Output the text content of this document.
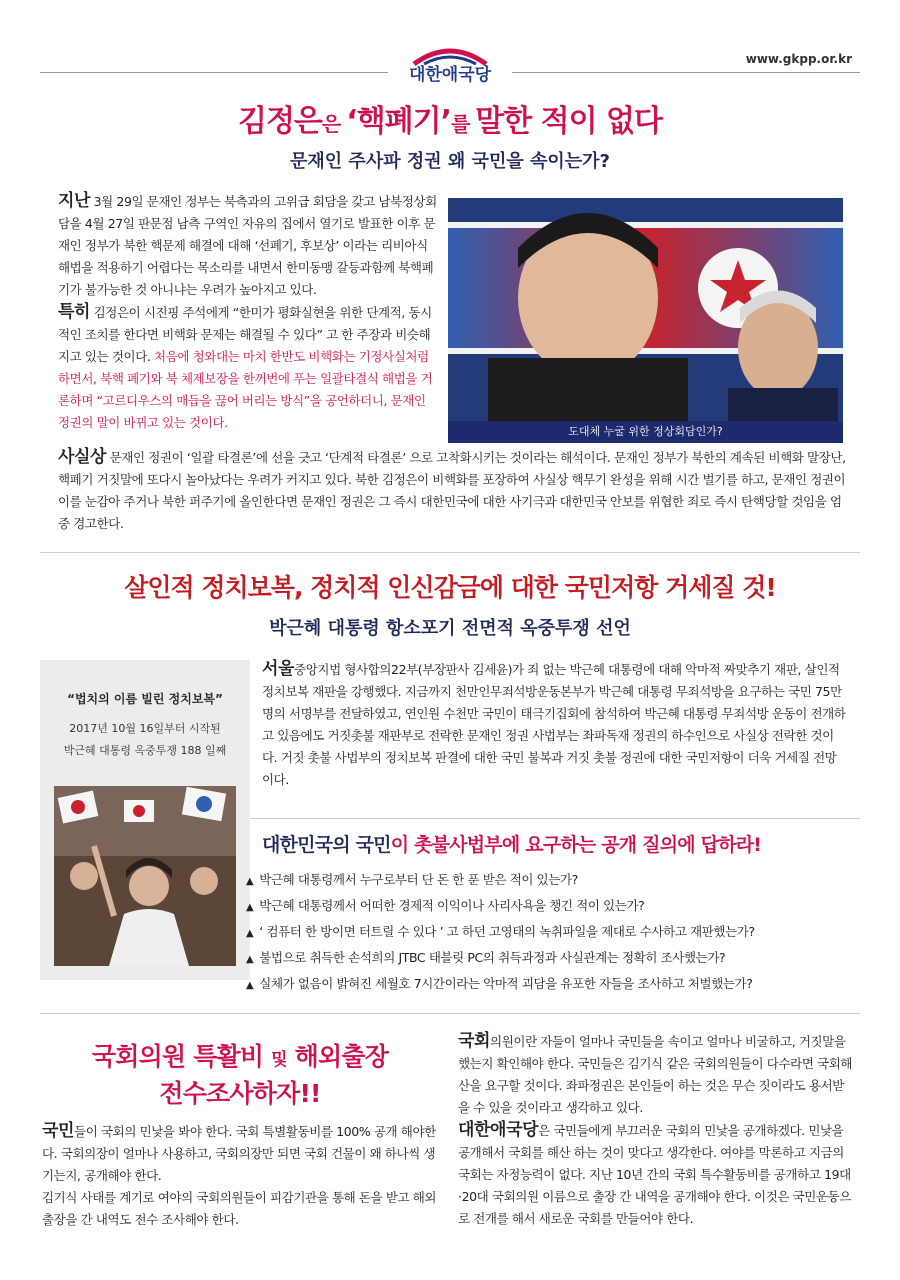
대한애국당
www.gkpp.or.kr
김정은은 ‘핵폐기’를 말한 적이 없다
문재인 주사파 정권 왜 국민을 속이는가?

지난 3월 29일 문재인 정부는 북측과의 고위급 회담을 갖고 남북정상회담을 4월 27일 판문점 남측 구역인 자유의 집에서 열기로 발표한 이후 문재인 정부가 북한 핵문제 해결에 대해 ‘선폐기, 후보상’ 이라는 리비아식 해법을 적용하기 어렵다는 목소리를 내면서 한미동맹 갈등과함께 북핵폐기가 불가능한 것 아니냐는 우려가 높아지고 있다.

특히 김정은이 시진핑 주석에게 “한미가 평화실현을 위한 단계적, 동시적인 조치를 한다면 비핵화 문제는 해결될 수 있다” 고 한 주장과 비슷해지고 있는 것이다. 처음에 청와대는 마치 한반도 비핵화는 기정사실처럼 하면서, 북핵 폐기와 북 체제보장을 한꺼번에 푸는 일괄타결식 해법을 거론하며 “고르디우스의 매듭을 끊어 버리는 방식”을 공언하더니, 문재인 정권의 말이 바뀌고 있는 것이다.

도대체 누굴 위한 정상회담인가?

사실상 문재인 정권이 ‘일괄 타결론’에 선을 긋고 ‘단계적 타결론’ 으로 고착화시키는 것이라는 해석이다. 문재인 정부가 북한의 계속된 비핵화 말장난, 핵폐기 거짓말에 또다시 놀아났다는 우려가 커지고 있다. 북한 김정은이 비핵화를 포장하여 사실상 핵무기 완성을 위해 시간 벌기를 하고, 문재인 정권이 이를 눈감아 주거나 북한 퍼주기에 올인한다면 문재인 정권은 그 즉시 대한민국에 대한 사기극과 대한민국 안보를 위협한 죄로 즉시 탄핵당할 것임을 엄중 경고한다.

살인적 정치보복, 정치적 인신감금에 대한 국민저항 거세질 것!
박근혜 대통령 항소포기 전면적 옥중투쟁 선언
“법치의 이름 빌린 정치보복”
2017년 10월 16일부터 시작된
박근혜 대통령 옥중투쟁 188 일째

서울중앙지법 형사합의22부(부장판사 김세윤)가 죄 없는 박근혜 대통령에 대해 악마적 짜맞추기 재판, 살인적 정치보복 재판을 강행했다. 지금까지 천만인무죄석방운동본부가 박근혜 대통령 무죄석방을 요구하는 국민 75만명의 서명부를 전달하였고, 연인원 수천만 국민이 태극기집회에 참석하여 박근혜 대통령 무죄석방 운동이 전개하고 있음에도 거짓촛불 재판부로 전락한 문재인 정권 사법부는 좌파독재 정권의 하수인으로 사실상 전락한 것이다. 거짓 촛불 사법부의 정치보복 판결에 대한 국민 불복과 거짓 촛불 정권에 대한 국민저항이 더욱 거세질 전망이다.

대한민국의 국민이 촛불사법부에 요구하는 공개 질의에 답하라!
▲ 박근혜 대통령께서 누구로부터 단 돈 한 푼 받은 적이 있는가?
▲ 박근혜 대통령께서 어떠한 경제적 이익이나 사리사욕을 챙긴 적이 있는가?
▲ ‘ 컴퓨터 한 방이면 터트릴 수 있다 ’ 고 하던 고영태의 녹취파일을 제대로 수사하고 재판했는가?
▲ 불법으로 취득한 손석희의 JTBC 태블릿 PC의 취득과정과 사실관계는 정확히 조사했는가?
▲ 실체가 없음이 밝혀진 세월호 7시간이라는 악마적 괴담을 유포한 자들을 조사하고 처벌했는가?
국회의원 특활비 및 해외출장
전수조사하자!!

국민들이 국회의 민낯을 봐야 한다. 국회 특별활동비를 100% 공개 해야한다. 국회의장이 얼마나 사용하고, 국회의장만 되면 국회 건물이 왜 하나씩 생기는지, 공개해야 한다.

김기식 사태를 계기로 여야의 국회의원들이 피감기관을 통해 돈을 받고 해외출장을 간 내역도 전수 조사해야 한다.

국회의원이란 자들이 얼마나 국민들을 속이고 얼마나 비굴하고, 거짓말을 했는지 확인해야 한다. 국민들은 김기식 같은 국회의원들이 다수라면 국회해산을 요구할 것이다. 좌파정권은 본인들이 하는 것은 무슨 짓이라도 용서받을 수 있을 것이라고 생각하고 있다.

대한애국당은 국민들에게 부끄러운 국회의 민낯을 공개하겠다. 민낯을 공개해서 국회를 해산 하는 것이 맞다고 생각한다. 여야를 막론하고 지금의 국회는 자정능력이 없다. 지난 10년 간의 국회 특수활동비를 공개하고 19대·20대 국회의원 이름으로 출장 간 내역을 공개해야 한다. 이것은 국민운동으로 전개를 해서 새로운 국회를 만들어야 한다.
